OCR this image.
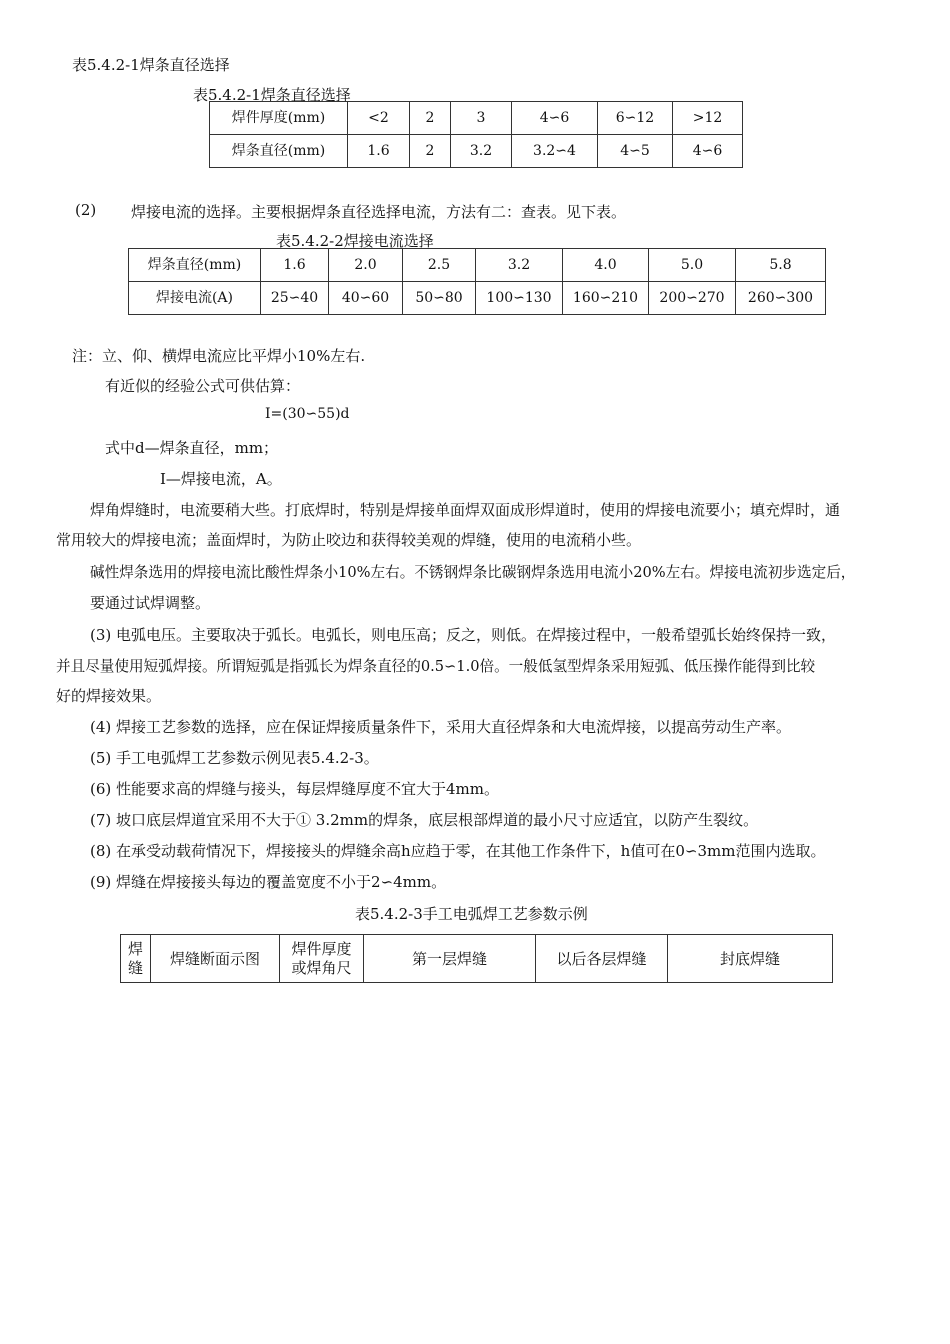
表5.4.2-1焊条直径选择
表5.4.2-1焊条直径选择
焊件厚度(mm)	<2	2	3	4∽6	6∽12	>12
焊条直径(mm)	1.6	2	3.2	3.2∽4	4∽5	4∽6
(2) 焊接电流的选择。主要根据焊条直径选择电流，方法有二：查表。见下表。
表5.4.2-2焊接电流选择
焊条直径(mm)	1.6	2.0	2.5	3.2	4.0	5.0	5.8
焊接电流(A)	25∽40	40∽60	50∽80	100∽130	160∽210	200∽270	260∽300
注：立、仰、横焊电流应比平焊小10%左右.
有近似的经验公式可供估算：
I=(30∽55)d
式中d—焊条直径，mm；
I—焊接电流，A。
焊角焊缝时，电流要稍大些。打底焊时，特别是焊接单面焊双面成形焊道时，使用的焊接电流要小；填充焊时，通
常用较大的焊接电流；盖面焊时，为防止咬边和获得较美观的焊缝，使用的电流稍小些。
碱性焊条选用的焊接电流比酸性焊条小10%左右。不锈钢焊条比碳钢焊条选用电流小20%左右。焊接电流初步选定后，
要通过试焊调整。
(3) 电弧电压。主要取决于弧长。电弧长，则电压高；反之，则低。在焊接过程中，一般希望弧长始终保持一致，
并且尽量使用短弧焊接。所谓短弧是指弧长为焊条直径的0.5∽1.0倍。一般低氢型焊条采用短弧、低压操作能得到比较
好的焊接效果。
(4) 焊接工艺参数的选择，应在保证焊接质量条件下，采用大直径焊条和大电流焊接，以提高劳动生产率。
(5) 手工电弧焊工艺参数示例见表5.4.2-3。
(6) 性能要求高的焊缝与接头，每层焊缝厚度不宜大于4mm。
(7) 坡口底层焊道宜采用不大于① 3.2mm的焊条，底层根部焊道的最小尺寸应适宜，以防产生裂纹。
(8) 在承受动载荷情况下，焊接接头的焊缝余高h应趋于零，在其他工作条件下，h值可在0∽3mm范围内选取。
(9) 焊缝在焊接接头每边的覆盖宽度不小于2∽4mm。
表5.4.2-3手工电弧焊工艺参数示例
焊缝	焊缝断面示图	焊件厚度或焊角尺	第一层焊缝	以后各层焊缝	封底焊缝
